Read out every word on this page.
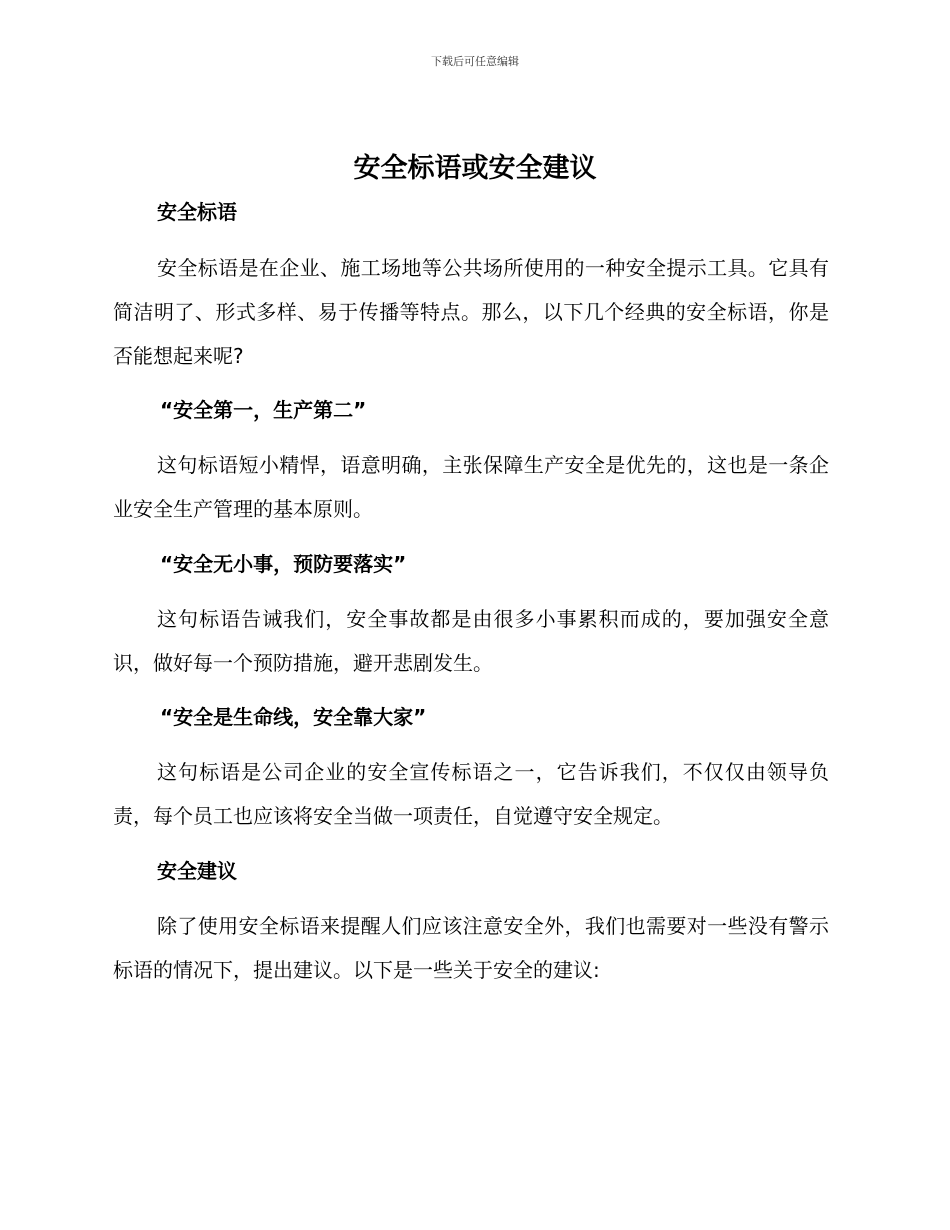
下载后可任意编辑
安全标语或安全建议
安全标语

安全标语是在企业、施工场地等公共场所使用的一种安全提示工具。它具有简洁明了、形式多样、易于传播等特点。那么，以下几个经典的安全标语，你是否能想起来呢?

“安全第一，生产第二”

这句标语短小精悍，语意明确，主张保障生产安全是优先的，这也是一条企业安全生产管理的基本原则。

“安全无小事，预防要落实”

这句标语告诫我们，安全事故都是由很多小事累积而成的，要加强安全意识，做好每一个预防措施，避开悲剧发生。

“安全是生命线，安全靠大家”

这句标语是公司企业的安全宣传标语之一，它告诉我们，不仅仅由领导负责，每个员工也应该将安全当做一项责任，自觉遵守安全规定。

安全建议

除了使用安全标语来提醒人们应该注意安全外，我们也需要对一些没有警示标语的情况下，提出建议。以下是一些关于安全的建议:
